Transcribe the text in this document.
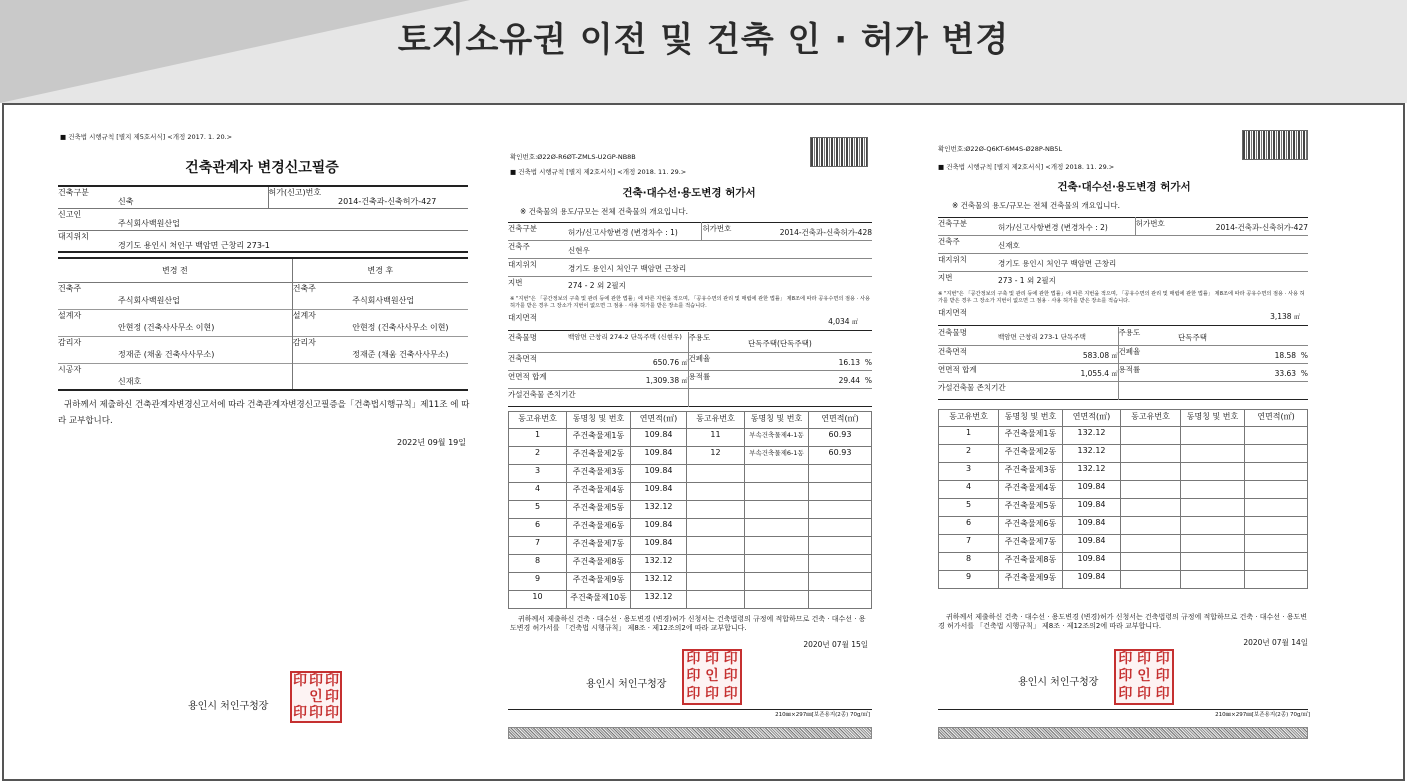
토지소유권 이전 및 건축 인 · 허가 변경
■ 건축법 시행규칙 [별지 제5호서식] <개정 2017. 1. 20.>
건축관계자 변경신고필증
건축구분	신축	허가(신고)번호	2014-건축과-신축허가-427
신고인	주식회사백원산업		
대지위치	경기도 용인시 처인구 백암면 근창리 273-1		
변경 전		변경 후	
건축주	주식회사백원산업	건축주	주식회사백원산업
설계자	안현정 (건축사사무소 이현)	설계자	안현정 (건축사사무소 이현)
감리자	정재준 (채움 건축사사무소)	감리자	정재준 (채움 건축사사무소)
시공자	신재호		
귀하께서 제출하신 건축관계자변경신고서에 따라 건축관계자변경신고필증을「건축법시행규칙」제11조 에 따라 교부합니다.
2022년 09월 19일
용인시 처인구청장
印 印 印
인 印
印 印 印
확인번호:Ø22Ø-R6ØT-ZMLS-U2GP-NB8B
■ 건축법 시행규칙 [별지 제2호서식] <개정 2018. 11. 29.>
건축·대수선·용도변경 허가서
※ 건축물의 용도/규모는 전체 건축물의 개요입니다.
건축구분	허가/신고사항변경 (변경차수 : 1)	허가번호	2014-건축과-신축허가-428
건축주	신현우		
대지위치	경기도 용인시 처인구 백암면 근창리		
지번	274 - 2 외 2필지		
※ "지번"은 「공간정보의 구축 및 관리 등에 관한 법률」에 따른 지번을 적으며, 「공유수면의 관리 및 매립에 관한 법률」 제8조에 따라 공유수면의 점용 · 사용 허가를 받은 경우 그 장소가 지번이 없으면 그 점용 · 사용 허가를 받은 장소를 적습니다.
대지면적	4,034 ㎡
건축물명	백암면 근창리 274-2 단독주택 (신현우)	주용도	단독주택(단독주택)
건축면적	650.76 ㎡	건폐율	16.13 %
연면적 합계	1,309.38 ㎡	용적률	29.44 %
가설건축물 존치기간			
동고유번호	동명칭 및 번호	연면적(㎡)	동고유번호	동명칭 및 번호	연면적(㎡)
1	주건축물제1동	109.84	11	부속건축물제4-1동	60.93
2	주건축물제2동	109.84	12	부속건축물제6-1동	60.93
3	주건축물제3동	109.84			
4	주건축물제4동	109.84			
5	주건축물제5동	132.12			
6	주건축물제6동	109.84			
7	주건축물제7동	109.84			
8	주건축물제8동	132.12			
9	주건축물제9동	132.12			
10	주건축물제10동	132.12			
귀하께서 제출하신 건축 · 대수선 · 용도변경 (변경)허가 신청서는 건축법령의 규정에 적합하므로 건축 · 대수선 · 용도변경 허가서를 「건축법 시행규칙」 제8조 · 제12조의2에 따라 교부합니다.
2020년 07월 15일
용인시 처인구청장
印 印 印
印 인 印
印 印 印
210㎜×297㎜[보존용지(2종) 70g/㎡]
확인번호:Ø22Ø-Q6KT-6M4S-Ø28P-NB5L
■ 건축법 시행규칙 [별지 제2호서식] <개정 2018. 11. 29.>
건축·대수선·용도변경 허가서
※ 건축물의 용도/규모는 전체 건축물의 개요입니다.
건축구분	허가/신고사항변경 (변경차수 : 2)	허가번호	2014-건축과-신축허가-427
건축주	신재호		
대지위치	경기도 용인시 처인구 백암면 근창리		
지번	273 - 1 외 2필지		
※ "지번"은 「공간정보의 구축 및 관리 등에 관한 법률」에 따른 지번을 적으며, 「공유수면의 관리 및 매립에 관한 법률」 제8조에 따라 공유수면의 점용 · 사용 허가를 받은 경우 그 장소가 지번이 없으면 그 점용 · 사용 허가를 받은 장소를 적습니다.
대지면적	3,138 ㎡
건축물명	백암면 근창리 273-1 단독주택	주용도	단독주택
건축면적	583.08 ㎡	건폐율	18.58 %
연면적 합계	1,055.4 ㎡	용적률	33.63 %
가설건축물 존치기간			
동고유번호	동명칭 및 번호	연면적(㎡)	동고유번호	동명칭 및 번호	연면적(㎡)
1	주건축물제1동	132.12			
2	주건축물제2동	132.12			
3	주건축물제3동	132.12			
4	주건축물제4동	109.84			
5	주건축물제5동	109.84			
6	주건축물제6동	109.84			
7	주건축물제7동	109.84			
8	주건축물제8동	109.84			
9	주건축물제9동	109.84			
귀하께서 제출하신 건축 · 대수선 · 용도변경 (변경)허가 신청서는 건축법령의 규정에 적합하므로 건축 · 대수선 · 용도변경 허가서를 「건축법 시행규칙」 제8조 · 제12조의2에 따라 교부합니다.
2020년 07월 14일
용인시 처인구청장
印 印 印
印 인 印
印 印 印
210㎜×297㎜[보존용지(2종) 70g/㎡]
